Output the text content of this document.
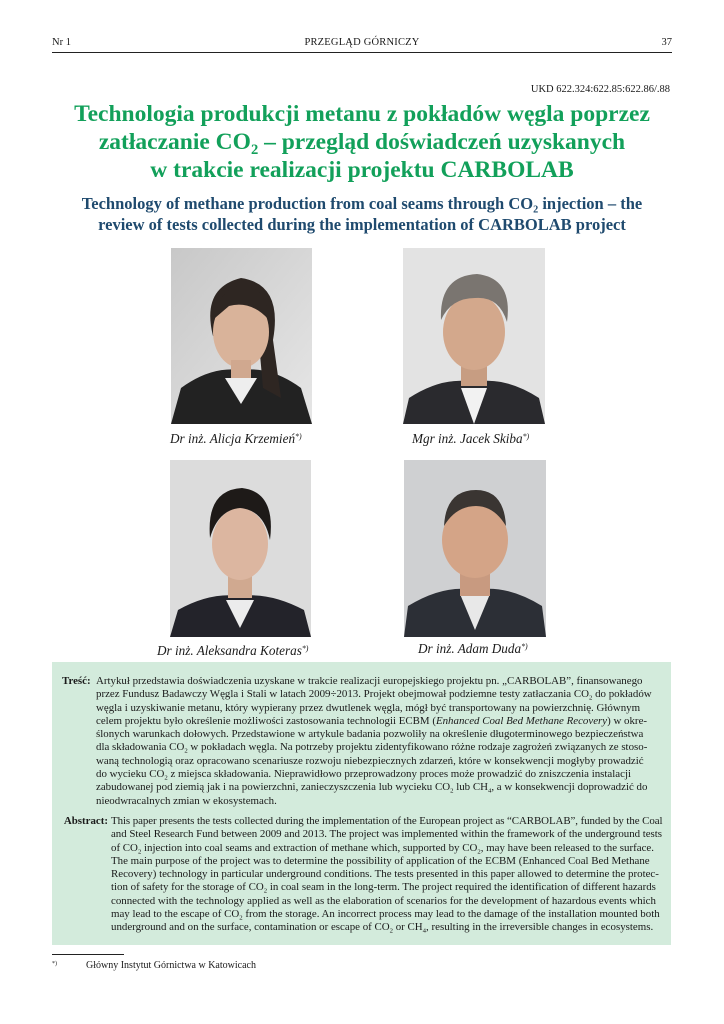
Nr 1	PRZEGLĄD GÓRNICZY	37
UKD 622.324:622.85:622.86/.88
Technologia produkcji metanu z pokładów węgla poprzez
zatłaczanie $CO_2$ – przegląd doświadczeń uzyskanych
w trakcie realizacji projektu CARBOLAB
Technology of methane production from coal seams through $CO_2$ injection – the
review of tests collected during the implementation of CARBOLAB project
Dr inż. Alicja Krzemień*)	Mgr inż. Jacek Skiba*)
Dr inż. Aleksandra Koteras*)	Dr inż. Adam Duda*)
Treść: Artykuł przedstawia doświadczenia uzyskane w trakcie realizacji europejskiego projektu pn. „CARBOLAB”, finansowanego
przez Fundusz Badawczy Węgla i Stali w latach 2009÷2013. Projekt obejmował podziemne testy zatłaczania $CO_2$ do pokładów
węgla i uzyskiwanie metanu, który wypierany przez dwutlenek węgla, mógł być transportowany na powierzchnię. Głównym
celem projektu było określenie możliwości zastosowania technologii ECBM (Enhanced Coal Bed Methane Recovery) w okre-
ślonych warunkach dołowych. Przedstawione w artykule badania pozwoliły na określenie długoterminowego bezpieczeństwa
dla składowania $CO_2$ w pokładach węgla. Na potrzeby projektu zidentyfikowano różne rodzaje zagrożeń związanych ze stoso-
waną technologią oraz opracowano scenariusze rozwoju niebezpiecznych zdarzeń, które w konsekwencji mogłyby prowadzić
do wycieku $CO_2$ z miejsca składowania. Nieprawidłowo przeprowadzony proces może prowadzić do zniszczenia instalacji
zabudowanej pod ziemią jak i na powierzchni, zanieczyszczenia lub wycieku $CO_2$ lub $CH_4$, a w konsekwencji doprowadzić do
nieodwracalnych zmian w ekosystemach.
Abstract: This paper presents the tests collected during the implementation of the European project as “CARBOLAB”, funded by the Coal
and Steel Research Fund between 2009 and 2013. The project was implemented within the framework of the underground tests
of $CO_2$ injection into coal seams and extraction of methane which, supported by $CO_2$, may have been released to the surface.
The main purpose of the project was to determine the possibility of application of the ECBM (Enhanced Coal Bed Methane
Recovery) technology in particular underground conditions. The tests presented in this paper allowed to determine the protec-
tion of safety for the storage of $CO_2$ in coal seam in the long-term. The project required the identification of different hazards
connected with the technology applied as well as the elaboration of scenarios for the development of hazardous events which
may lead to the escape of $CO_2$ from the storage. An incorrect process may lead to the damage of the installation mounted both
underground and on the surface, contamination or escape of $CO_2$ or $CH_4$, resulting in the irreversible changes in ecosystems.
*)	Główny Instytut Górnictwa w Katowicach
